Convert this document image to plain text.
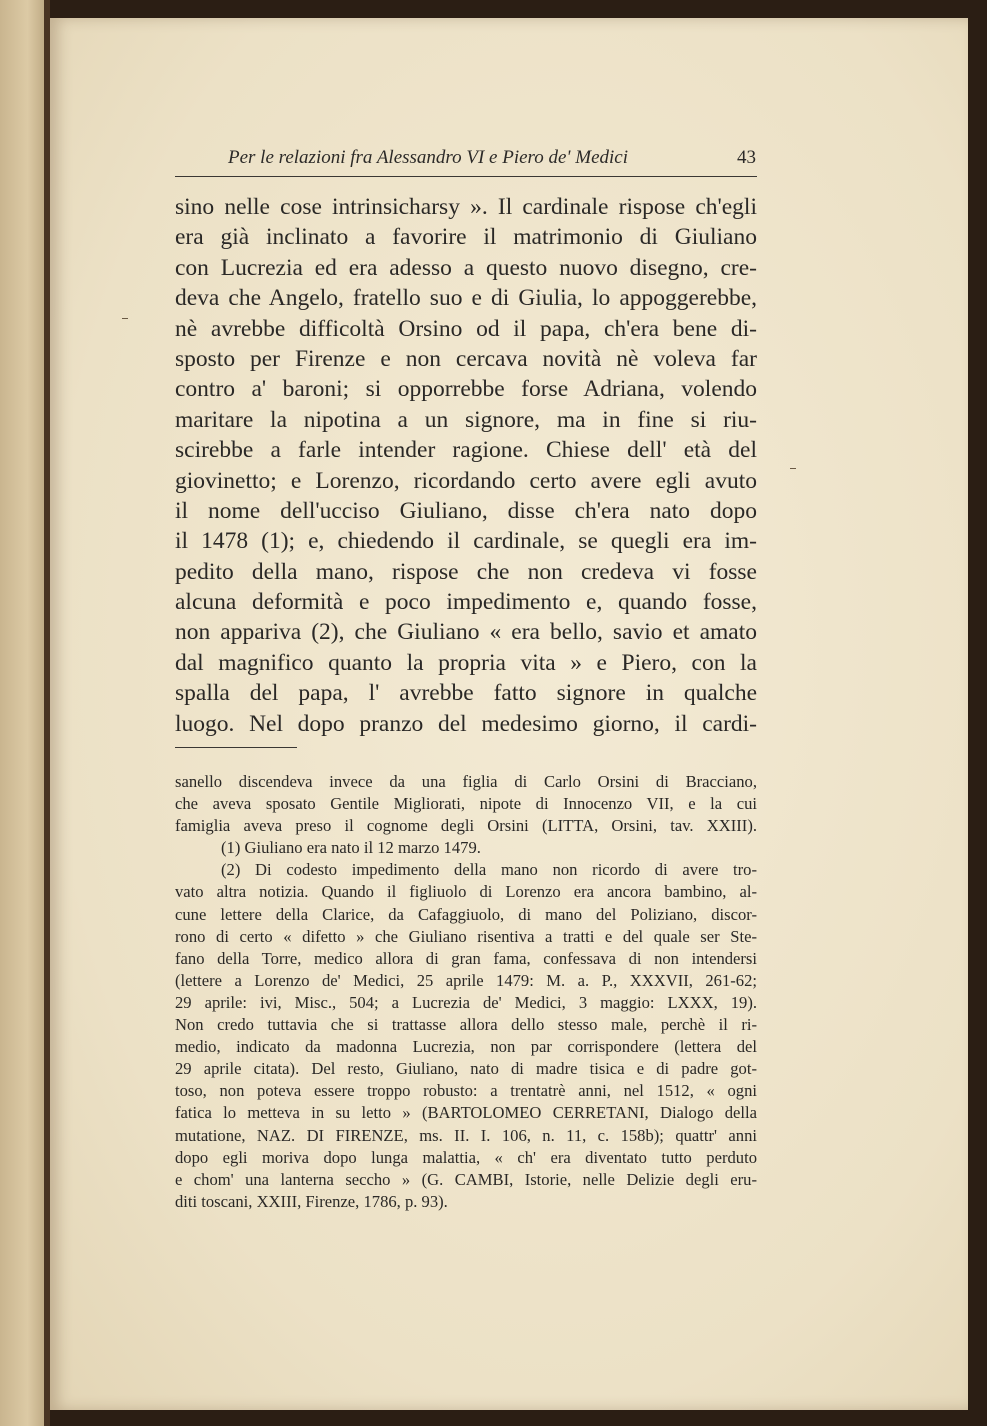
Per le relazioni fra Alessandro VI e Piero de' Medici	43
sino nelle cose intrinsicharsy ». Il cardinale rispose ch'egli
era già inclinato a favorire il matrimonio di Giuliano
con Lucrezia ed era adesso a questo nuovo disegno, cre-
deva che Angelo, fratello suo e di Giulia, lo appoggerebbe,
nè avrebbe difficoltà Orsino od il papa, ch'era bene di-
sposto per Firenze e non cercava novità nè voleva far
contro a' baroni; si opporrebbe forse Adriana, volendo
maritare la nipotina a un signore, ma in fine si riu-
scirebbe a farle intender ragione. Chiese dell' età del
giovinetto; e Lorenzo, ricordando certo avere egli avuto
il nome dell'ucciso Giuliano, disse ch'era nato dopo
il 1478 (1); e, chiedendo il cardinale, se quegli era im-
pedito della mano, rispose che non credeva vi fosse
alcuna deformità e poco impedimento e, quando fosse,
non appariva (2), che Giuliano « era bello, savio et amato
dal magnifico quanto la propria vita » e Piero, con la
spalla del papa, l' avrebbe fatto signore in qualche
luogo. Nel dopo pranzo del medesimo giorno, il cardi-
sanello discendeva invece da una figlia di Carlo Orsini di Bracciano,
che aveva sposato Gentile Migliorati, nipote di Innocenzo VII, e la cui
famiglia aveva preso il cognome degli Orsini (LITTA, Orsini, tav. XXIII).
(1) Giuliano era nato il 12 marzo 1479.
(2) Di codesto impedimento della mano non ricordo di avere tro-
vato altra notizia. Quando il figliuolo di Lorenzo era ancora bambino, al-
cune lettere della Clarice, da Cafaggiuolo, di mano del Poliziano, discor-
rono di certo « difetto » che Giuliano risentiva a tratti e del quale ser Ste-
fano della Torre, medico allora di gran fama, confessava di non intendersi
(lettere a Lorenzo de' Medici, 25 aprile 1479: M. a. P., XXXVII, 261-62;
29 aprile: ivi, Misc., 504; a Lucrezia de' Medici, 3 maggio: LXXX, 19).
Non credo tuttavia che si trattasse allora dello stesso male, perchè il ri-
medio, indicato da madonna Lucrezia, non par corrispondere (lettera del
29 aprile citata). Del resto, Giuliano, nato di madre tisica e di padre got-
toso, non poteva essere troppo robusto: a trentatrè anni, nel 1512, « ogni
fatica lo metteva in su letto » (BARTOLOMEO CERRETANI, Dialogo della
mutatione, NAZ. DI FIRENZE, ms. II. I. 106, n. 11, c. 158b); quattr' anni
dopo egli moriva dopo lunga malattia, « ch' era diventato tutto perduto
e chom' una lanterna seccho » (G. CAMBI, Istorie, nelle Delizie degli eru-
diti toscani, XXIII, Firenze, 1786, p. 93).
